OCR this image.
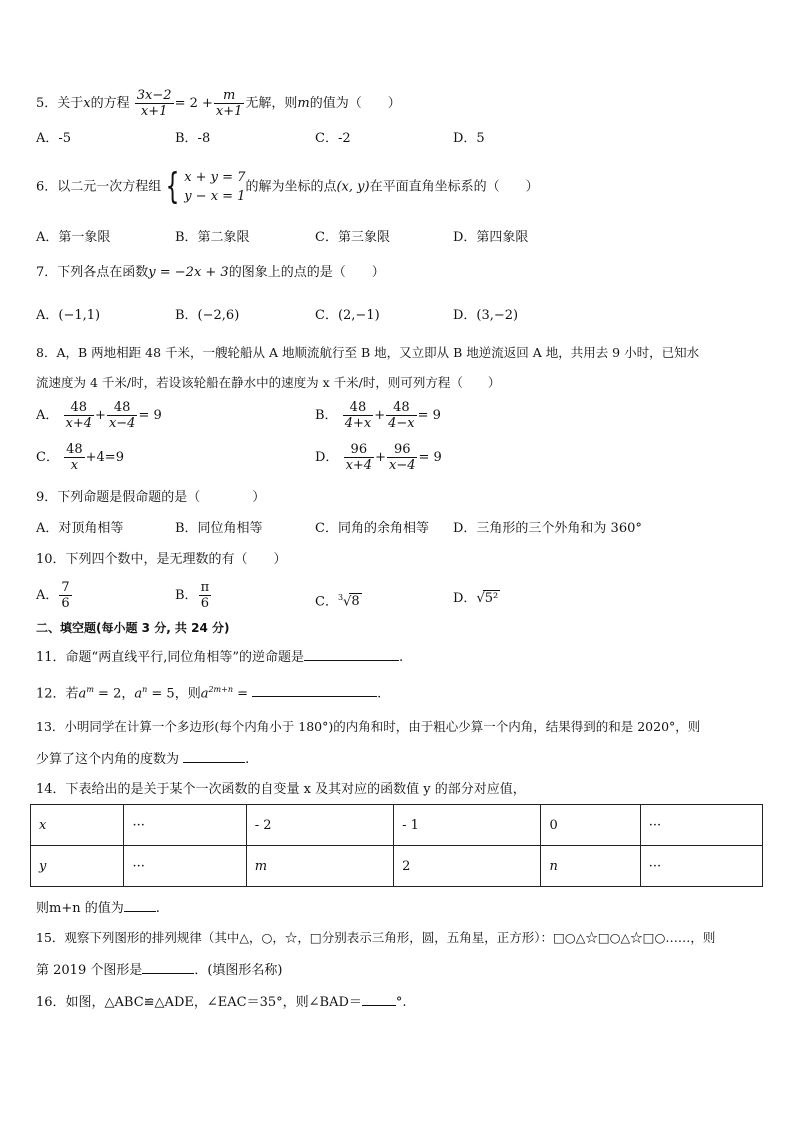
5．关于x的方程 $\frac{3x-2}{x+1} = 2 + \frac{m}{x+1}$ 无解，则m的值为（　　）
A．-5	B．-8	C．-2	D．5
6．以二元一次方程组 { x + y = 7
y − x = 1
的解为坐标的点(x, y)在平面直角坐标系的（　　）
A．第一象限	B．第二象限	C．第三象限	D．第四象限
7．下列各点在函数y = −2x + 3的图象上的点的是（　　）
A．(−1,1)	B．(−2,6)	C．(2,−1)	D．(3,−2)
8．A，B 两地相距 48 千米，一艘轮船从 A 地顺流航行至 B 地，又立即从 B 地逆流返回 A 地，共用去 9 小时，已知水
流速度为 4 千米/时，若设该轮船在静水中的速度为 x 千米/时，则可列方程（　　）
A． $\frac{48}{x+4} + \frac{48}{x-4} = 9$	B． $\frac{48}{4+x} + \frac{48}{4-x} = 9$
C． $\frac{48}{x} +4=9$	D． $\frac{96}{x+4} + \frac{96}{x-4} = 9$
9．下列命题是假命题的是（　　　　）
A．对顶角相等	B．同位角相等	C．同角的余角相等 D．三角形的三个外角和为 360°
10．下列四个数中，是无理数的有（　　）
A． $\frac{7}{6}$	B． $\frac{\pi}{6}$	C．$^3$√8	D．√5²
二、填空题(每小题 3 分, 共 24 分)
11．命题“两直线平行,同位角相等”的逆命题是	.
12．若$a^m = 2$，$a^n = 5$，则$a^{2m+n}$ =	.
13．小明同学在计算一个多边形(每个内角小于 180°)的内角和时，由于粗心少算一个内角，结果得到的和是 2020°，则
少算了这个内角的度数为	.
14．下表给出的是关于某个一次函数的自变量 x 及其对应的函数值 y 的部分对应值，
x	···	- 2	- 1	0	···
y	···	m	2	n	···
则m+n 的值为 .
15．观察下列图形的排列规律（其中△，○，☆，□分别表示三角形，圆，五角星，正方形）：□○△☆□○△☆□○……，则
第 2019 个图形是	．(填图形名称)
16．如图，△ABC≌△ADE，∠EAC＝35°，则∠BAD＝	°.
